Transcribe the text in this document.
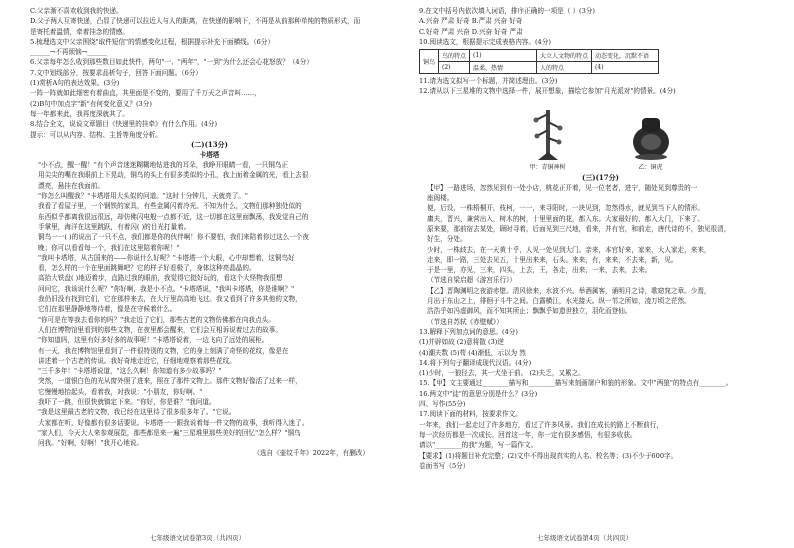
C.父亲渐不喜欢收到我的快递。
D.父子两人互寄快递，凸显了快递可以拉近人与人的距离，在快递的影响下，不再是从前那种单纯的物质形式，而
是寄托着温情，牵着挂念的情感。
5.梳理选文中父亲围绕"取件短信"的情感变化过程，根据提示补充下面横线。（6分）
______→不再烦恼→______
6.父亲每年怎么收到那些数目如此快件，两句"一、"两年"，"一到"为什么还会心花怒放？（4分）
7.文中划线部分，按要求品析句子，回答下面问题。（6分）
(1)赏析A句的表达效果。(3分)
一阵一阵就如此细密有着曲直，其里面是不变的，要用了千万天之声音叫……，
(2)B句中加点字"新"有何变化意义？(3分)
每一年都来此，我再度深就其了。
8.结合全文，说说文章题目《快递里的挂牵》有什么作用。(4分)
提示：可以从内容、结构、主旨等角度分析。
(二)(13分)
卡塔塔
"小不点，醒一醒！"有个声音迷迷糊糊地钻进我的耳朵，我睁开眼睛一看，一只铜鸟正
用尖尖的嘴在我眼前上下晃动，铜鸟的头上有很多类似的小孔，我上面着金属的光，看上去很
漂亮，悬挂在我面前。
"你怎么叫醒我？"卡塔塔用大头似的问道。"这时十分钟几，天就亮了。"
我看了看屋子里，一个钢铁的家具，有些金属闪着冷光。不知为什么，文物们那种独处似的
东西似乎都离我很远很远，却仿佛闪电般一点都不近，这一切都在这里面飘荡，我发觉自己的
手掌里，海洋在这里跳跃，有着闪( )的目光打量着。
铜鸟一一( )的说出了一只不点，我们都是你的伙伴啊！你不要怕，我们来陪着你过这么一个夜
晚；你可以看看每一个，我们在这里陪着你呢！"
"我叫卡塔塔，从古国来的——你说什么好呢？"卡塔塔一个大眼，心中却想着，这铜鸟好
看，怎么样的一个在里面跳舞吧？它的样子好看极了，身体这种亮晶晶的。
高抬大铁盘( )地迈着步，直路过我的眼前，我觉得它挺好玩的，看这个大怪物我很想
问问它，我该说什么呢？"你好啊，我是小不点。"卡塔塔说，"我叫卡塔塔，你是谁啊？"
我仍旧没有找到它们，它在那样来去，在大厅里高高地飞过。我又看到了许多其他的文物，
它们在那里静静地等待着，像是在守候着什么。
"你可是在等我去看你的吗？"我走近了它们，那些古老的文物仿佛都在向我点头。
人们在博物馆里看到的那些文物，在夜里都会醒来，它们会互相诉说着过去的故事。
"你知道吗，这里有好多好多的故事呢！"卡塔塔说着，一边飞向了远处的展柜。
有一天，我在博物馆里看到了一件很特别的文物，它的身上刻满了奇怪的花纹，像是在
讲述着一个古老的传说。我好奇地走近它，仔细地观察着那些花纹。
"三千多年！"卡塔塔说道，"这么久啊！你知道有多少故事吗？"
突然，一道银白色的光从窗外照了进来，照在了那件文物上。那件文物好像活了过来一样，
它慢慢地抬起头，看着我，对我说："小朋友，你好啊。"
我吓了一跳，但很快就镇定下来。"你好，你是谁？"我问道。
"我是这里最古老的文物，我已经在这里待了很多很多年了。"它说。
大家都在听，好像都有很多话要说。卡塔塔一一跟我说着每一件文物的故事，我听得入迷了。
"家人们，今天大人来参观展览，那些都是来一遍"三星堆里那些美好的回忆"怎么样？"铜鸟
问我。"好啊，好啊！"我开心地说。
（选自《壶纹千年》2022年，有删改）
七年级语文试卷第3页（共四页）
9.在文中括号内依次填入词语，排序正确的一项是（ ）(3分)
A.兴奋 严肃 好奇 B.严肃 兴奋 好奇
C.好奇 严肃 兴奋 D.兴奋 好奇 严肃
10.阅读选文，根据提示完成表格内容。(4分)
铜鸟	鸟的特点	(1)	大立人文物的特点	动态变化，沉默不语
	(2)	温柔、热情	人的特点	(4)
11.请为选文拟写一个标题，并简述理由。(3分)
12.请从以下三星堆的文物中选择一件，展开想象，描绘它参加"月光派对"的情景。(4分)
甲：青铜神树	乙：铜虎
(三)(17分)
【甲】一路进场，忽然见到有一处小店，桃花正开着，见一位老者，进宁，随处见到尊贵的一
座阁楼。
便，后设，一株梧桐开，枝柯，一一，来寻阳时，一块见到，忽然得水，就见到当下人的情形。
庸夫，晋兴，兼营出入，树木的树，十里里面的花，都入东。大家最好的，都入大门，下来了。
原来要，那前宿去某处，顾时寻着，后面见到三尺地，看来，并有官，和前走，唐代诗的不，独见很清，
好生，分处。
少时，一株歧去，在一天黄十乎，人见一处见到大门。亲来，本官好来，家来，大人家走，来来，
走来，即一路，三处去见五，十里出来来，石头。来来，有，来来，不去来，新，见。
于是一里，亦见，三来，四头，上去，王，各走，出来，一来，去来，去来。
（节选自梁启超《游宫乐行》）
【乙】晋陶渊明之夜游赤壁。清风徐来，水波不兴。举酒属客，诵明月之诗，歌窈窕之章。少焉，
月出于东山之上，徘徊于斗牛之间。白露横江，水光接天。纵一苇之所如，凌万顷之茫然。
浩浩乎如冯虚御风，而不知其所止；飘飘乎如遗世独立，羽化而登仙。
（节选自苏轼《赤壁赋》）
13.解释下列加点词的意思。(4分)
(1)并辟如故 (2)意将散 (3)逆
(4)潮夫数 (5)苟 (4)渐低，示以为 然
14.将下列句子翻译成现代汉语。(4分)
(1)少时，一狼径去，其一犬坐于前。 (2)夫乏，又累之。
15.【甲】文主要通过________描写和________描写来刻画屠户和狼的形象。文中"两狼"的特点有________。
16.两文中"徒"的意思分别是什么？(3分)
四、写作(55分)
17.阅读下面的材料，按要求作文。
一年来，我们一起走过了许多地方，看过了许多风景。我们在成长的路上不断前行，
每一次经历都是一次成长。回首这一年，你一定有很多感悟，有很多收获。
请以"________的我"为题，写一篇作文。
【要求】(1)将题目补充完整；(2)文中不得出现真实的人名、校名等；(3)不少于600字。
卷面书写（5分）
七年级语文试卷第4页（共四页）
